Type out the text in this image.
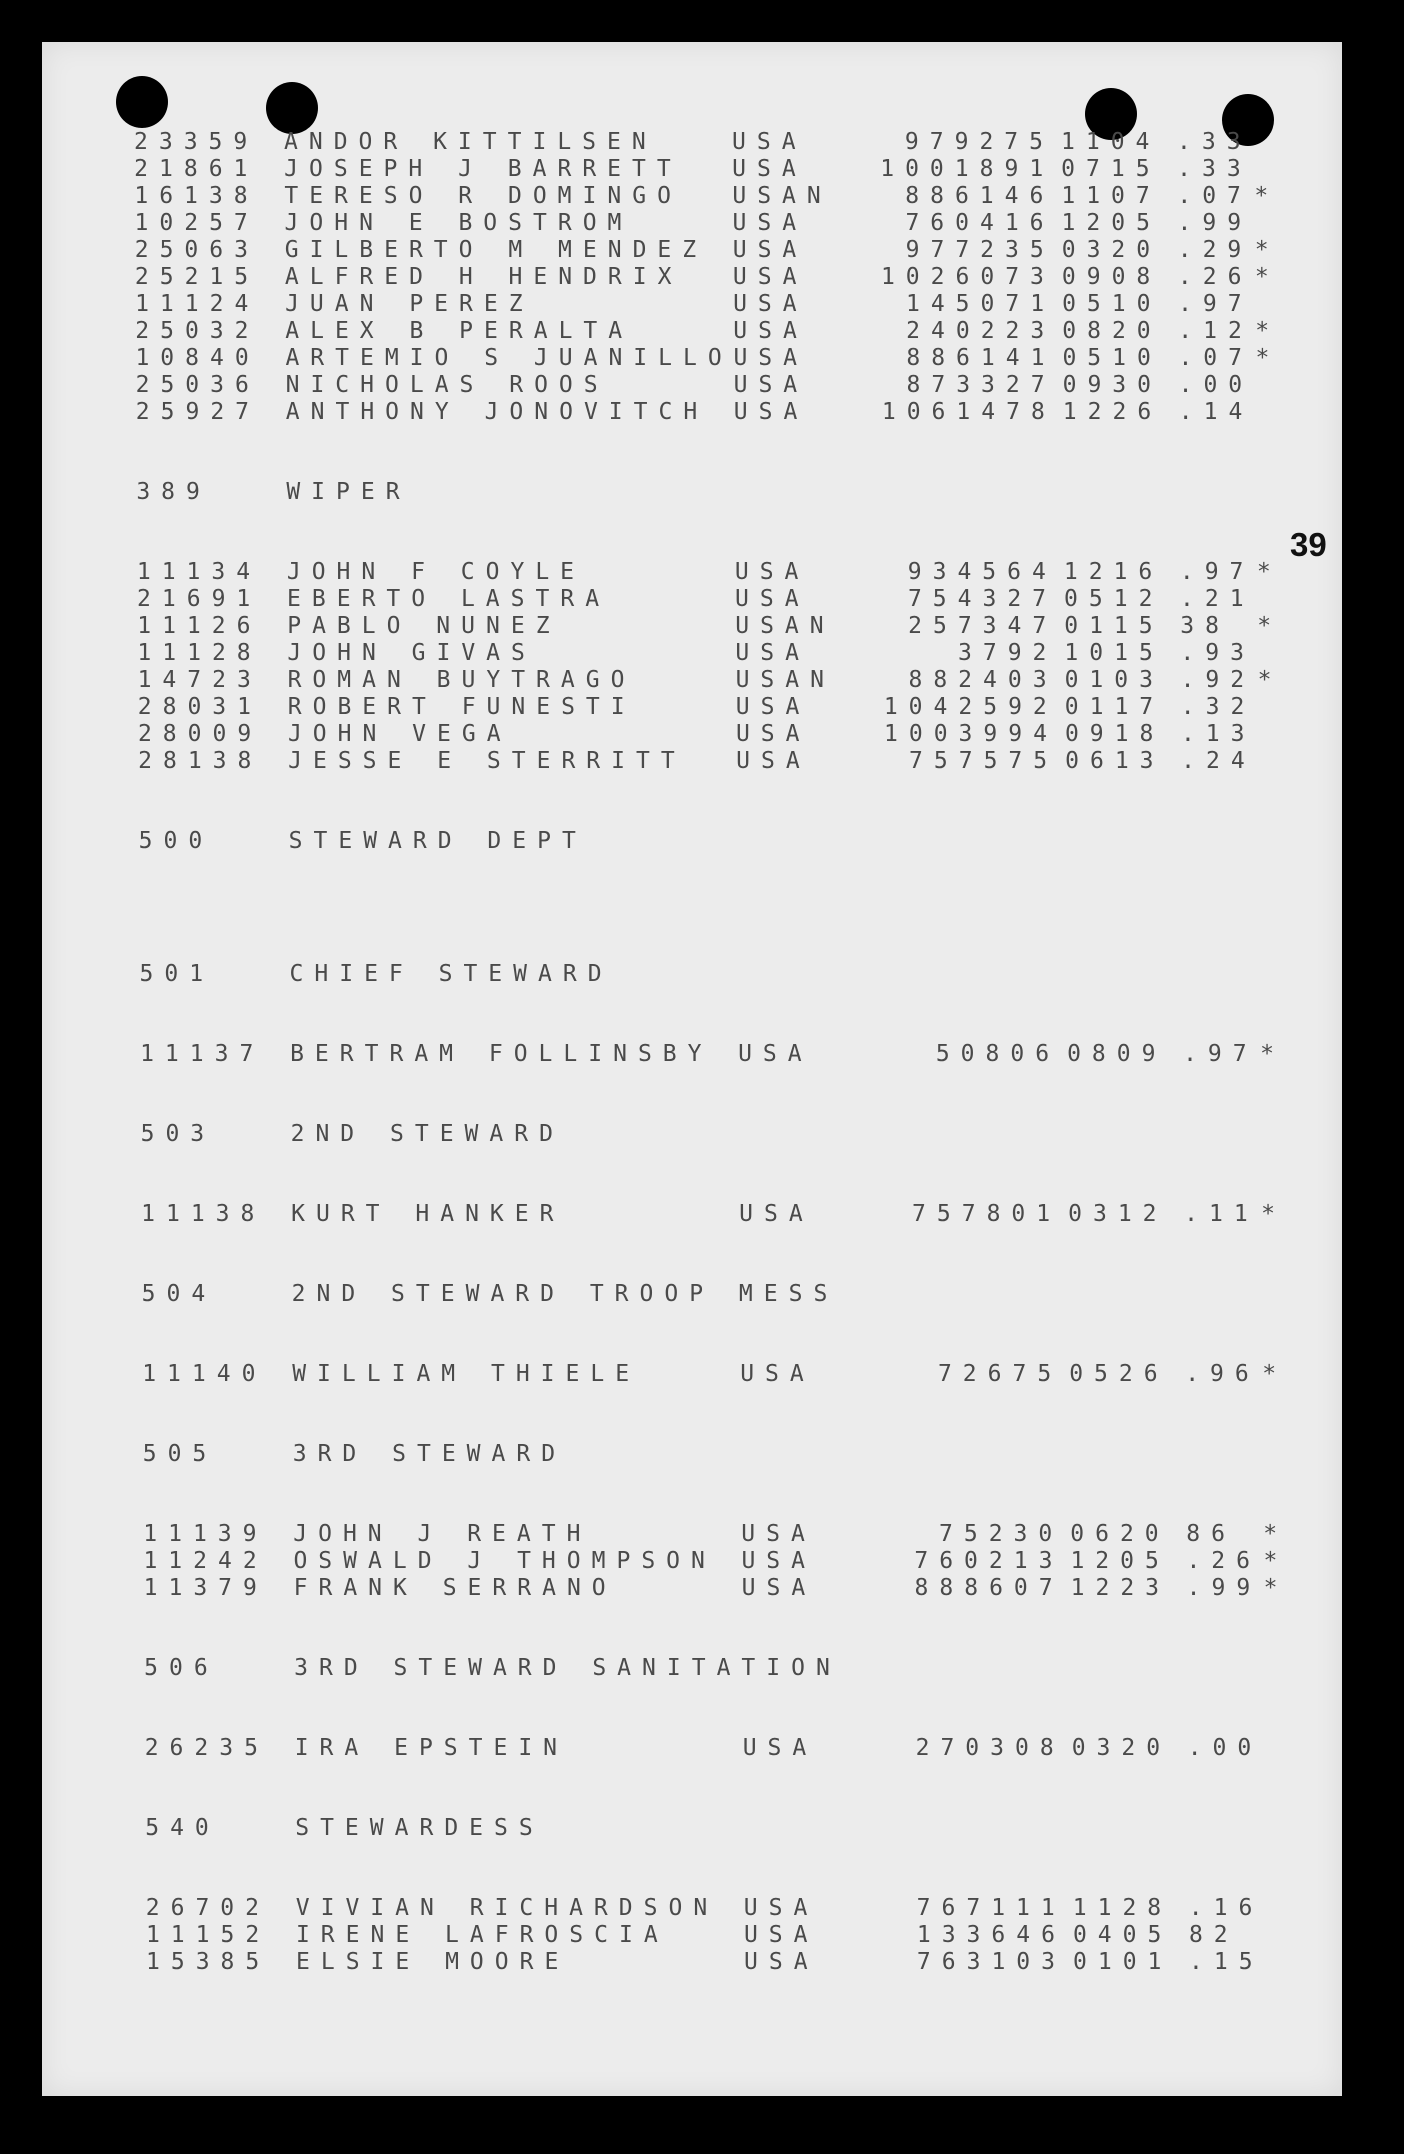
39
23359 ANDOR KITTILSEN	USA	979275 1104 .33
21861 JOSEPH J BARRETT USA	1001891 0715 .33
16138 TERESO R DOMINGO USAN	886146 1107 .07 *
10257 JOHN E BOSTROM	USA	760416 1205 .99
25063 GILBERTO M MENDEZ USA	977235 0320 .29 *
25215 ALFRED H HENDRIX USA	1026073 0908 .26 *
11124 JUAN PEREZ	USA	145071 0510 .97
25032 ALEX B PERALTA	USA	240223 0820 .12 *
10840 ARTEMIO S JUANILLO USA	886141 0510 .07 *
25036 NICHOLAS ROOS	USA	873327 0930 .00
25927 ANTHONY JONOVITCH USA	1061478 1226 .14
389	WIPER
11134 JOHN F COYLE	USA	934564 1216 .97 *
21691 EBERTO LASTRA	USA	754327 0512 .21
11126 PABLO NUNEZ	USAN	257347 0115 38 *
11128 JOHN GIVAS	USA	3792 1015 .93
14723 ROMAN BUYTRAGO	USAN	882403 0103 .92 *
28031 ROBERT FUNESTI	USA	1042592 0117 .32
28009 JOHN VEGA	USA	1003994 0918 .13
28138 JESSE E STERRITT USA	757575 0613 .24
500	STEWARD DEPT
501	CHIEF STEWARD
11137 BERTRAM FOLLINSBY USA	50806 0809 .97 *
503	2ND STEWARD
11138 KURT HANKER	USA	757801 0312 .11 *
504	2ND STEWARD TROOP MESS
11140 WILLIAM THIELE	USA	72675 0526 .96 *
505	3RD STEWARD
11139 JOHN J REATH	USA	75230 0620 86 *
11242 OSWALD J THOMPSON USA	760213 1205 .26 *
11379 FRANK SERRANO	USA	888607 1223 .99 *
506	3RD STEWARD SANITATION
26235 IRA EPSTEIN	USA	270308 0320 .00
540	STEWARDESS
26702 VIVIAN RICHARDSON USA	767111 1128 .16
11152 IRENE LAFROSCIA	USA	133646 0405 82
15385 ELSIE MOORE	USA	763103 0101 .15
